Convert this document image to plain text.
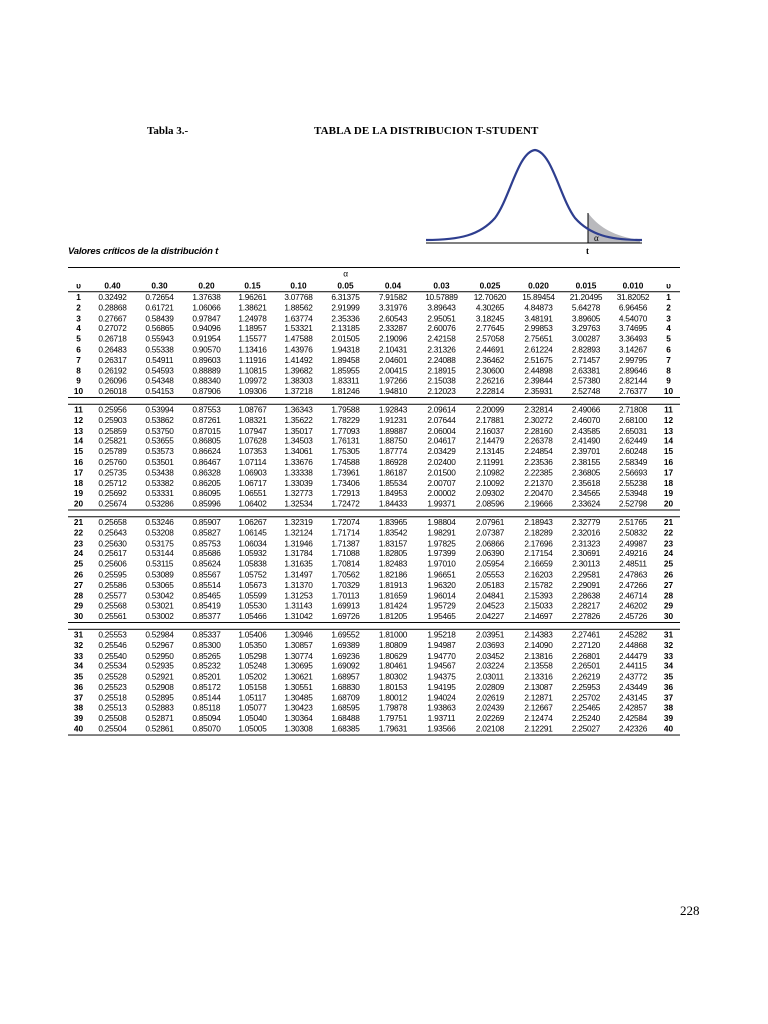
Tabla 3.-	TABLA DE LA DISTRIBUCION T-STUDENT
α
t
Valores críticos de la distribución t
						α							
υ	0.40	0.30	0.20	0.15	0.10	0.05	0.04	0.03	0.025	0.020	0.015	0.010	υ
1	0.32492	0.72654	1.37638	1.96261	3.07768	6.31375	7.91582	10.57889	12.70620	15.89454	21.20495	31.82052	1
2	0.28868	0.61721	1.06066	1.38621	1.88562	2.91999	3.31976	3.89643	4.30265	4.84873	5.64278	6.96456	2
3	0.27667	0.58439	0.97847	1.24978	1.63774	2.35336	2.60543	2.95051	3.18245	3.48191	3.89605	4.54070	3
4	0.27072	0.56865	0.94096	1.18957	1.53321	2.13185	2.33287	2.60076	2.77645	2.99853	3.29763	3.74695	4
5	0.26718	0.55943	0.91954	1.15577	1.47588	2.01505	2.19096	2.42158	2.57058	2.75651	3.00287	3.36493	5
6	0.26483	0.55338	0.90570	1.13416	1.43976	1.94318	2.10431	2.31326	2.44691	2.61224	2.82893	3.14267	6
7	0.26317	0.54911	0.89603	1.11916	1.41492	1.89458	2.04601	2.24088	2.36462	2.51675	2.71457	2.99795	7
8	0.26192	0.54593	0.88889	1.10815	1.39682	1.85955	2.00415	2.18915	2.30600	2.44898	2.63381	2.89646	8
9	0.26096	0.54348	0.88340	1.09972	1.38303	1.83311	1.97266	2.15038	2.26216	2.39844	2.57380	2.82144	9
10	0.26018	0.54153	0.87906	1.09306	1.37218	1.81246	1.94810	2.12023	2.22814	2.35931	2.52748	2.76377	10

11	0.25956	0.53994	0.87553	1.08767	1.36343	1.79588	1.92843	2.09614	2.20099	2.32814	2.49066	2.71808	11
12	0.25903	0.53862	0.87261	1.08321	1.35622	1.78229	1.91231	2.07644	2.17881	2.30272	2.46070	2.68100	12
13	0.25859	0.53750	0.87015	1.07947	1.35017	1.77093	1.89887	2.06004	2.16037	2.28160	2.43585	2.65031	13
14	0.25821	0.53655	0.86805	1.07628	1.34503	1.76131	1.88750	2.04617	2.14479	2.26378	2.41490	2.62449	14
15	0.25789	0.53573	0.86624	1.07353	1.34061	1.75305	1.87774	2.03429	2.13145	2.24854	2.39701	2.60248	15
16	0.25760	0.53501	0.86467	1.07114	1.33676	1.74588	1.86928	2.02400	2.11991	2.23536	2.38155	2.58349	16
17	0.25735	0.53438	0.86328	1.06903	1.33338	1.73961	1.86187	2.01500	2.10982	2.22385	2.36805	2.56693	17
18	0.25712	0.53382	0.86205	1.06717	1.33039	1.73406	1.85534	2.00707	2.10092	2.21370	2.35618	2.55238	18
19	0.25692	0.53331	0.86095	1.06551	1.32773	1.72913	1.84953	2.00002	2.09302	2.20470	2.34565	2.53948	19
20	0.25674	0.53286	0.85996	1.06402	1.32534	1.72472	1.84433	1.99371	2.08596	2.19666	2.33624	2.52798	20

21	0.25658	0.53246	0.85907	1.06267	1.32319	1.72074	1.83965	1.98804	2.07961	2.18943	2.32779	2.51765	21
22	0.25643	0.53208	0.85827	1.06145	1.32124	1.71714	1.83542	1.98291	2.07387	2.18289	2.32016	2.50832	22
23	0.25630	0.53175	0.85753	1.06034	1.31946	1.71387	1.83157	1.97825	2.06866	2.17696	2.31323	2.49987	23
24	0.25617	0.53144	0.85686	1.05932	1.31784	1.71088	1.82805	1.97399	2.06390	2.17154	2.30691	2.49216	24
25	0.25606	0.53115	0.85624	1.05838	1.31635	1.70814	1.82483	1.97010	2.05954	2.16659	2.30113	2.48511	25
26	0.25595	0.53089	0.85567	1.05752	1.31497	1.70562	1.82186	1.96651	2.05553	2.16203	2.29581	2.47863	26
27	0.25586	0.53065	0.85514	1.05673	1.31370	1.70329	1.81913	1.96320	2.05183	2.15782	2.29091	2.47266	27
28	0.25577	0.53042	0.85465	1.05599	1.31253	1.70113	1.81659	1.96014	2.04841	2.15393	2.28638	2.46714	28
29	0.25568	0.53021	0.85419	1.05530	1.31143	1.69913	1.81424	1.95729	2.04523	2.15033	2.28217	2.46202	29
30	0.25561	0.53002	0.85377	1.05466	1.31042	1.69726	1.81205	1.95465	2.04227	2.14697	2.27826	2.45726	30

31	0.25553	0.52984	0.85337	1.05406	1.30946	1.69552	1.81000	1.95218	2.03951	2.14383	2.27461	2.45282	31
32	0.25546	0.52967	0.85300	1.05350	1.30857	1.69389	1.80809	1.94987	2.03693	2.14090	2.27120	2.44868	32
33	0.25540	0.52950	0.85265	1.05298	1.30774	1.69236	1.80629	1.94770	2.03452	2.13816	2.26801	2.44479	33
34	0.25534	0.52935	0.85232	1.05248	1.30695	1.69092	1.80461	1.94567	2.03224	2.13558	2.26501	2.44115	34
35	0.25528	0.52921	0.85201	1.05202	1.30621	1.68957	1.80302	1.94375	2.03011	2.13316	2.26219	2.43772	35
36	0.25523	0.52908	0.85172	1.05158	1.30551	1.68830	1.80153	1.94195	2.02809	2.13087	2.25953	2.43449	36
37	0.25518	0.52895	0.85144	1.05117	1.30485	1.68709	1.80012	1.94024	2.02619	2.12871	2.25702	2.43145	37
38	0.25513	0.52883	0.85118	1.05077	1.30423	1.68595	1.79878	1.93863	2.02439	2.12667	2.25465	2.42857	38
39	0.25508	0.52871	0.85094	1.05040	1.30364	1.68488	1.79751	1.93711	2.02269	2.12474	2.25240	2.42584	39
40	0.25504	0.52861	0.85070	1.05005	1.30308	1.68385	1.79631	1.93566	2.02108	2.12291	2.25027	2.42326	40
228
